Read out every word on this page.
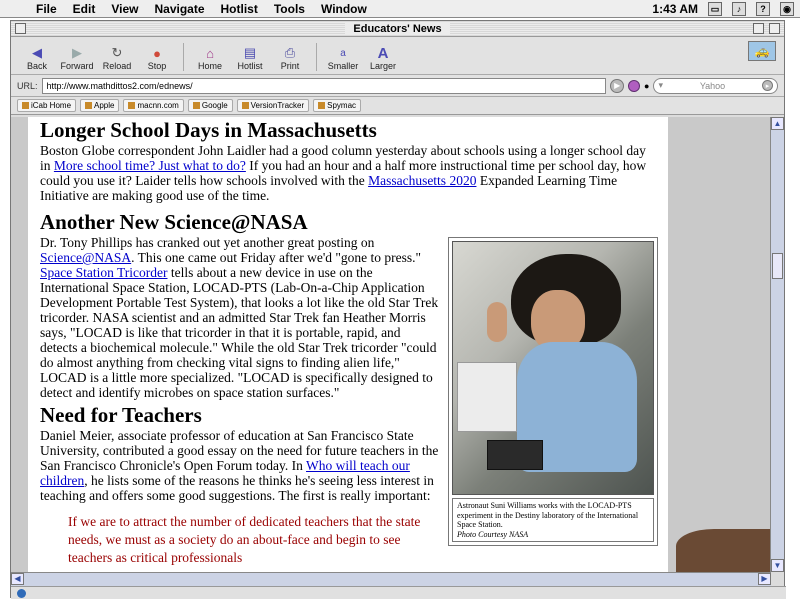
File	Edit	View	Navigate	Hotlist	Tools	Window	1:43 AM	▭	♪	?	◉
Educators' News
◀
Back
▶
Forward
↻
Reload
●
Stop
⌂
Home
▤
Hotlist
⎙
Print
a
Smaller
A
Larger
🚕
URL:
http://www.mathdittos2.com/ednews/	▶	● ▾	Yahoo	▸
iCab Home	Apple	macnn.com	Google	VersionTracker	Spymac
Longer School Days in Massachusetts

Boston Globe correspondent John Laidler had a good column yesterday about schools using a longer school day in More school time? Just what to do? If you had an hour and a half more instructional time per school day, how could you use it? Laider tells how schools involved with the Massachusetts 2020 Expanded Learning Time Initiative are making good use of the time.

Another New Science@NASA
Astronaut Suni Williams works with the LOCAD-PTS experiment in the Destiny laboratory of the International Space Station.
Photo Courtesy NASA

Dr. Tony Phillips has cranked out yet another great posting on Science@NASA. This one came out Friday after we'd "gone to press." Space Station Tricorder tells about a new device in use on the International Space Station, LOCAD-PTS (Lab-On-a-Chip Application Development Portable Test System), that looks a lot like the old Star Trek tricorder. NASA scientist and an admitted Star Trek fan Heather Morris says, "LOCAD is like that tricorder in that it is portable, rapid, and detects a biochemical molecule." While the old Star Trek tricorder "could do almost anything from checking vital signs to finding alien life," LOCAD is a little more specialized. "LOCAD is specifically designed to detect and identify microbes on space station surfaces."

Need for Teachers

Daniel Meier, associate professor of education at San Francisco State University, contributed a good essay on the need for future teachers in the San Francisco Chronicle's Open Forum today. In Who will teach our children, he lists some of the reasons he thinks he's seeing less interest in teaching and offers some good suggestions. The first is really important:

If we are to attract the number of dedicated teachers that the state needs, we must as a society do an about-face and begin to see teachers as critical professionals

▲
▼
◀	▶
